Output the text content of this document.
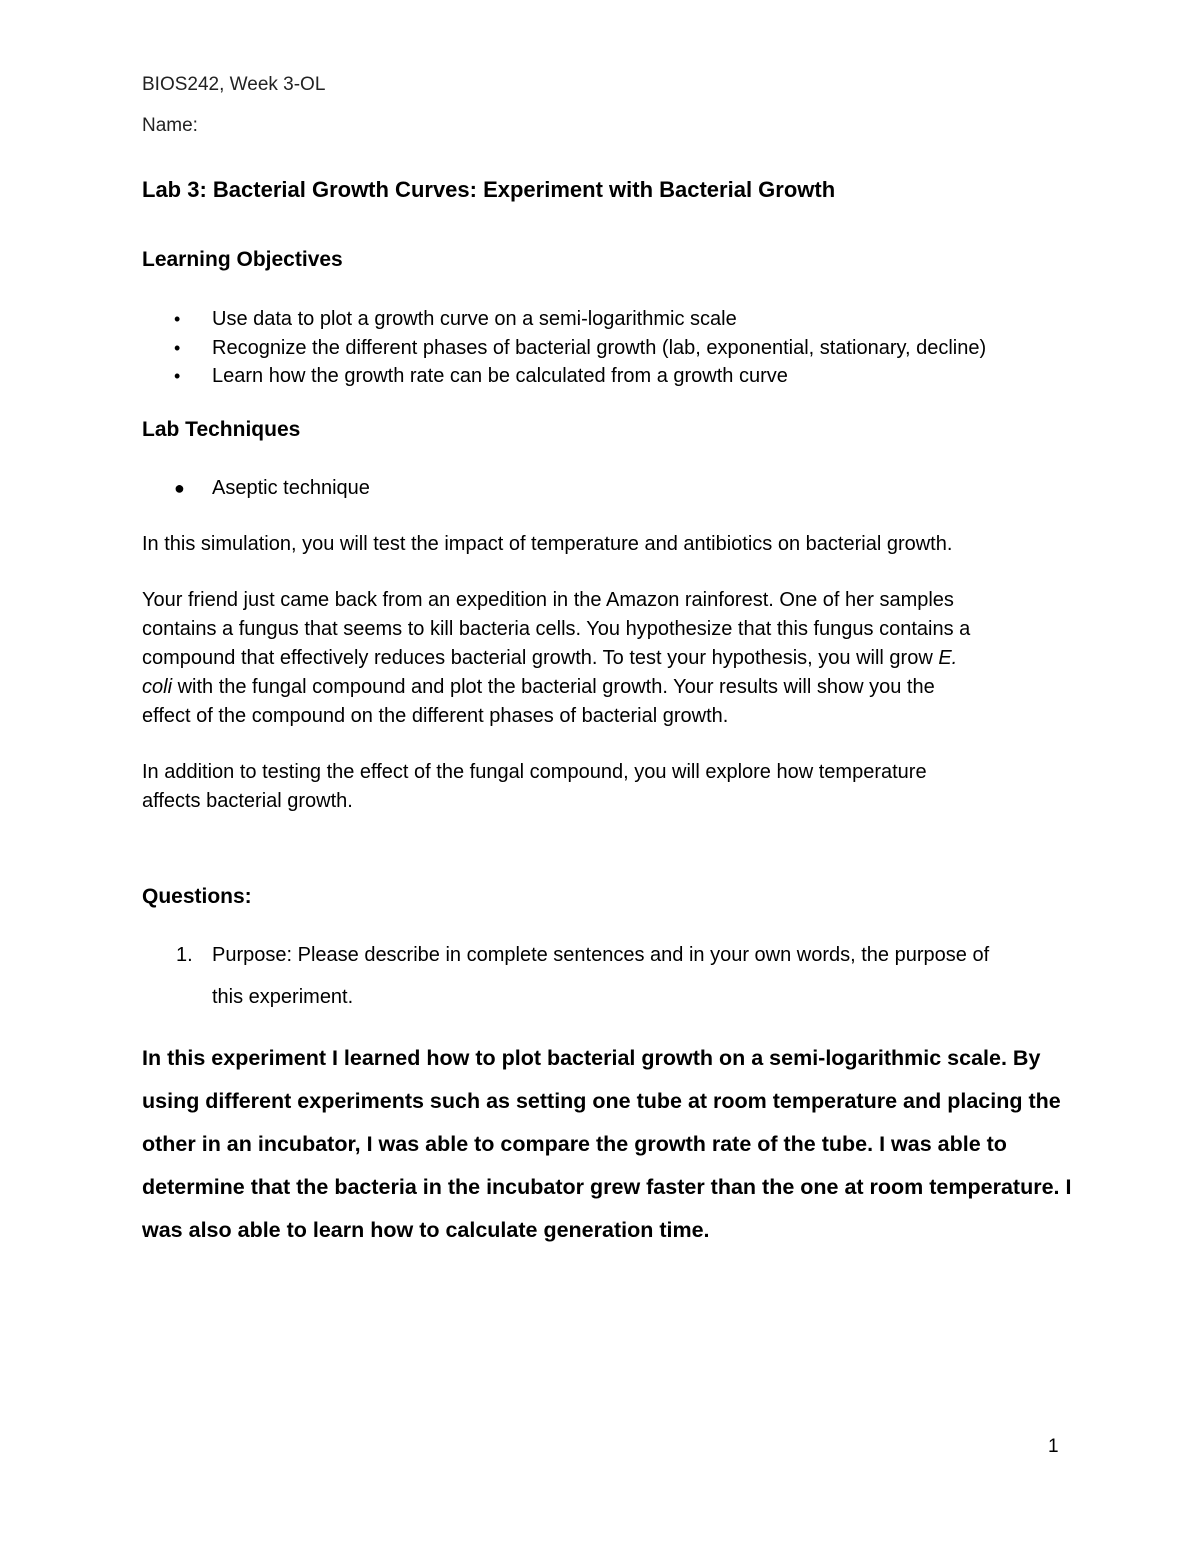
BIOS242, Week 3-OL
Name:
Lab 3: Bacterial Growth Curves: Experiment with Bacterial Growth
Learning Objectives
• Use data to plot a growth curve on a semi-logarithmic scale
• Recognize the different phases of bacterial growth (lab, exponential, stationary, decline)
• Learn how the growth rate can be calculated from a growth curve
Lab Techniques
● Aseptic technique

In this simulation, you will test the impact of temperature and antibiotics on bacterial growth.

Your friend just came back from an expedition in the Amazon rainforest. One of her samples
contains a fungus that seems to kill bacteria cells. You hypothesize that this fungus contains a
compound that effectively reduces bacterial growth. To test your hypothesis, you will grow E.
coli with the fungal compound and plot the bacterial growth. Your results will show you the
effect of the compound on the different phases of bacterial growth.

In addition to testing the effect of the fungal compound, you will explore how temperature
affects bacterial growth.

Questions:
1. Purpose: Please describe in complete sentences and in your own words, the purpose of
this experiment.

In this experiment I learned how to plot bacterial growth on a semi-logarithmic scale. By
using different experiments such as setting one tube at room temperature and placing the
other in an incubator, I was able to compare the growth rate of the tube. I was able to
determine that the bacteria in the incubator grew faster than the one at room temperature. I
was also able to learn how to calculate generation time.

1
